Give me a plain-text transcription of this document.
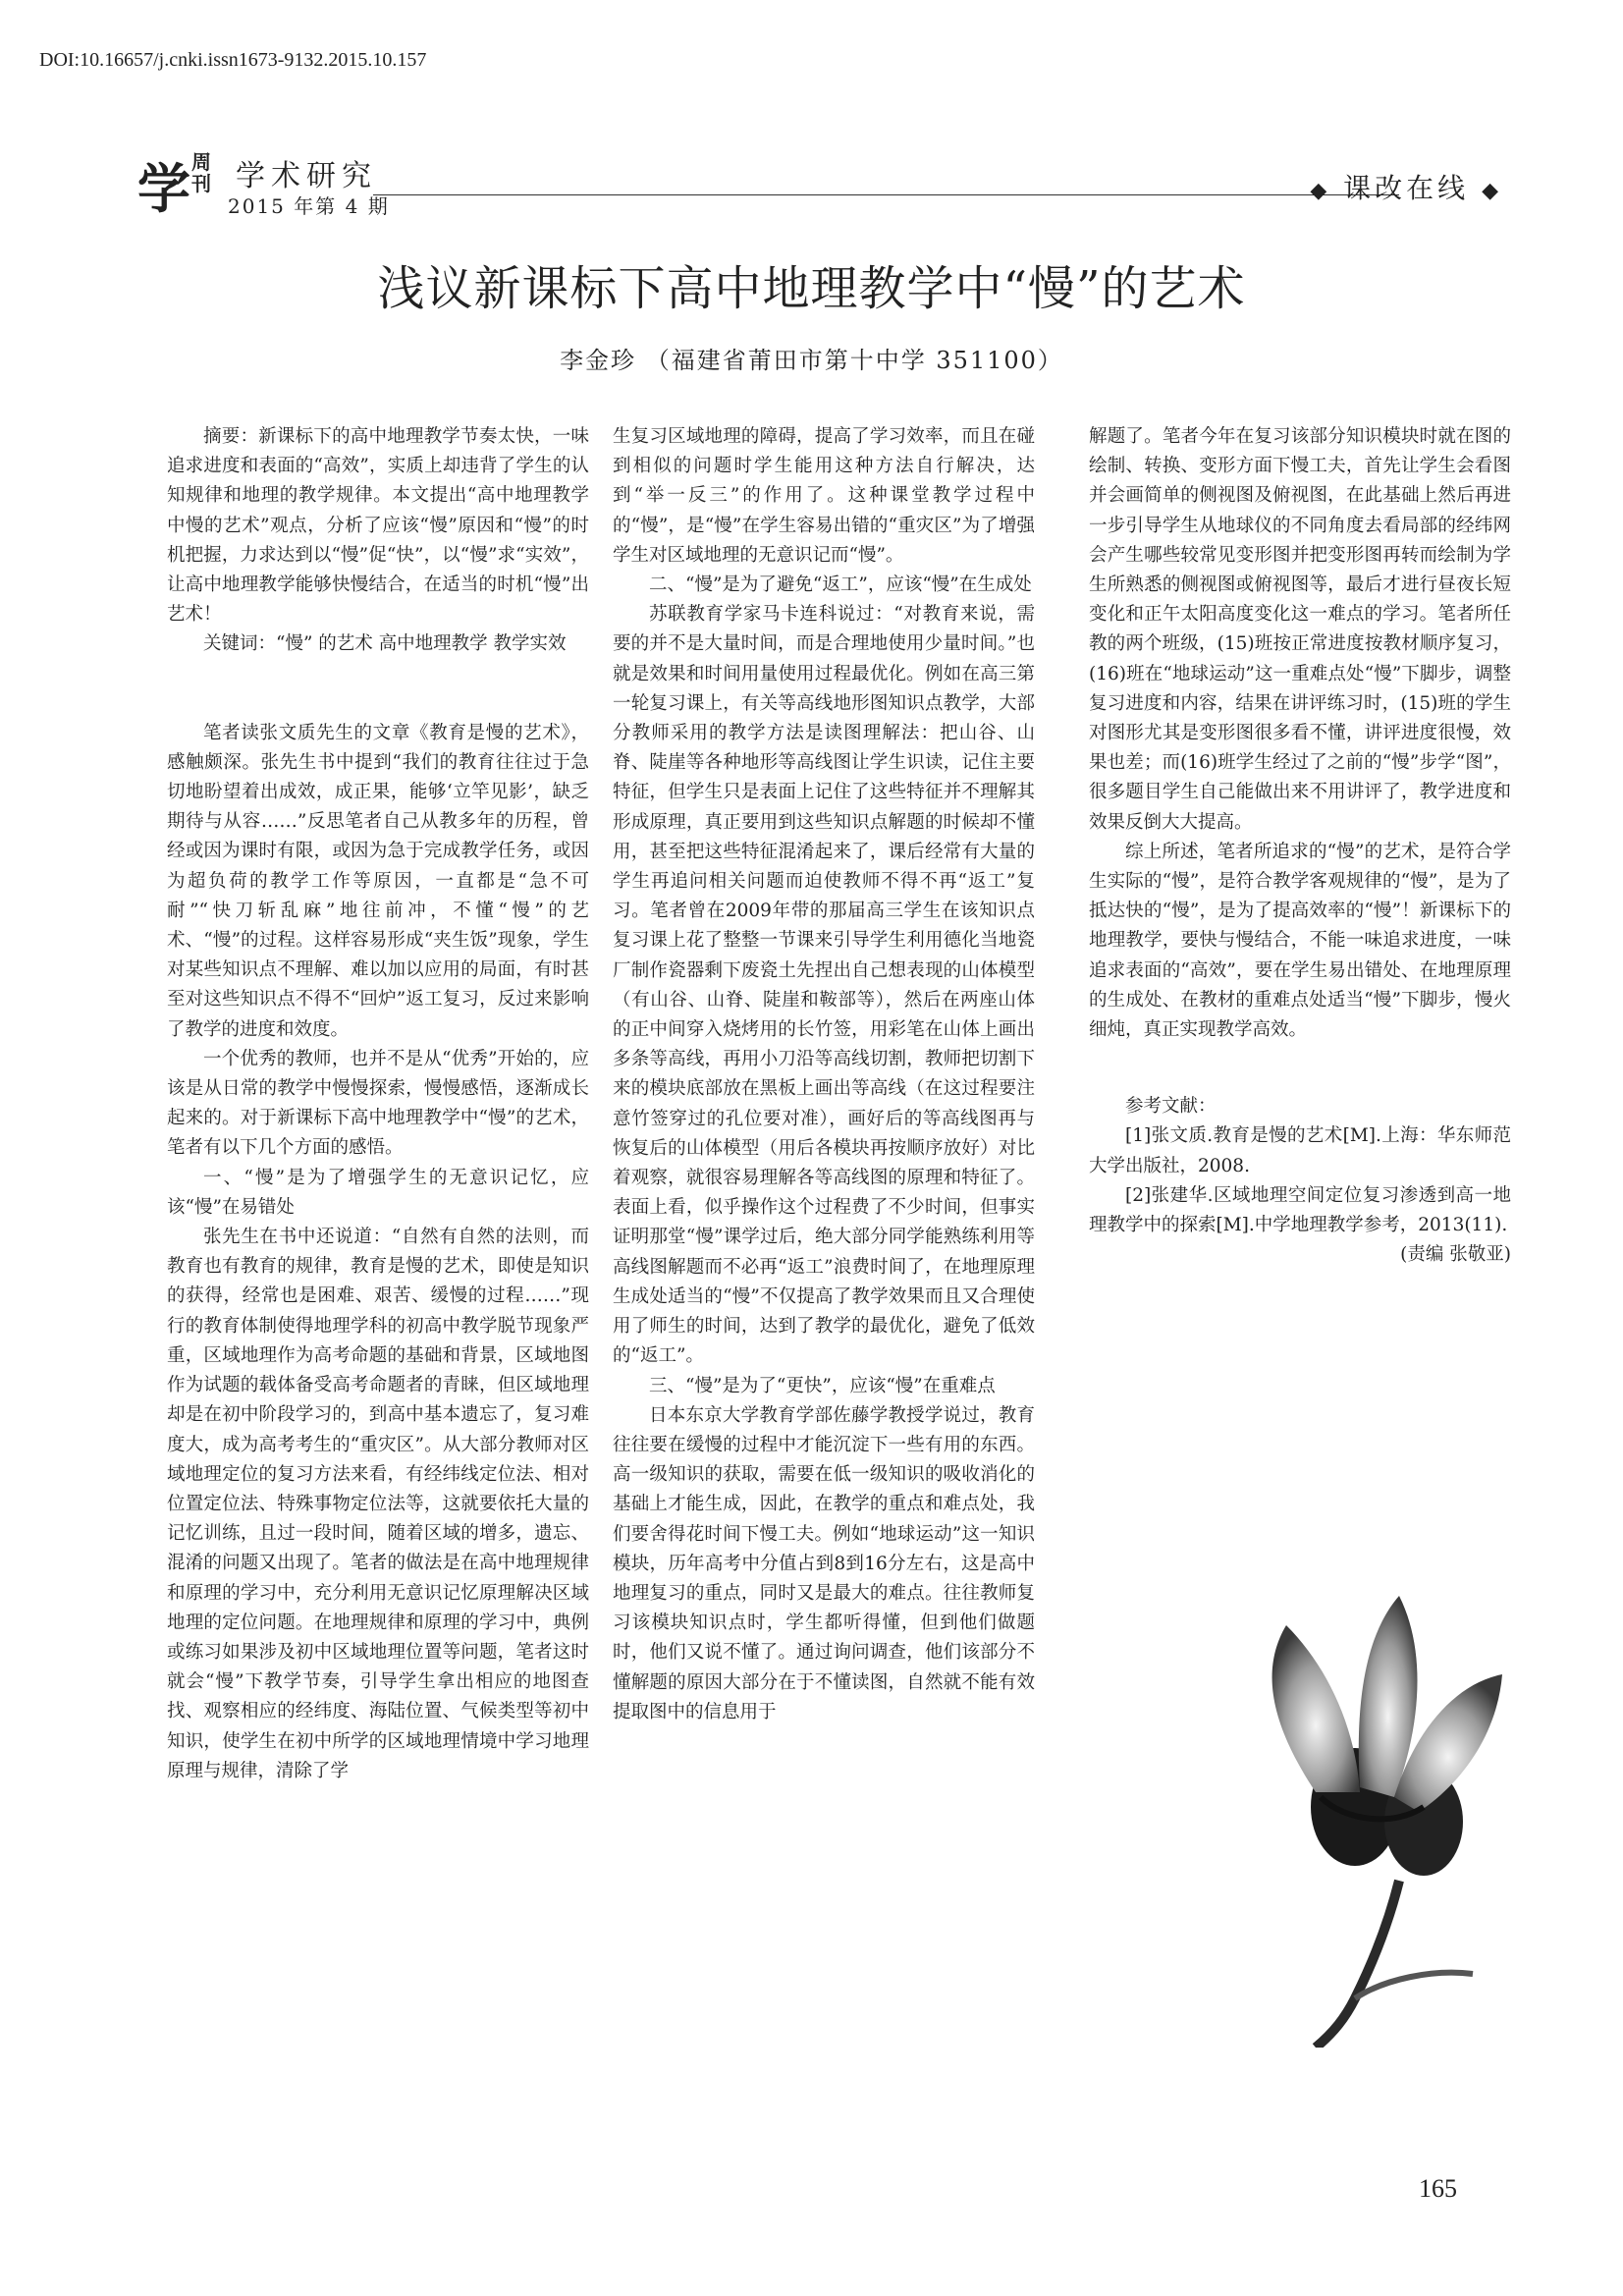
DOI:10.16657/j.cnki.issn1673-9132.2015.10.157
学 周刊 学术研究
2015 年第 4 期
◆ 课改在线 ◆
浅议新课标下高中地理教学中“慢”的艺术
李金珍 （福建省莆田市第十中学 351100）

摘要：新课标下的高中地理教学节奏太快，一味追求进度和表面的“高效”，实质上却违背了学生的认知规律和地理的教学规律。本文提出“高中地理教学中慢的艺术”观点，分析了应该“慢”原因和“慢”的时机把握，力求达到以“慢”促“快”，以“慢”求“实效”，让高中地理教学能够快慢结合，在适当的时机“慢”出艺术！

关键词：“慢” 的艺术 高中地理教学 教学实效

笔者读张文质先生的文章《教育是慢的艺术》，感触颇深。张先生书中提到“我们的教育往往过于急切地盼望着出成效，成正果，能够‘立竿见影’，缺乏期待与从容……”反思笔者自己从教多年的历程，曾经或因为课时有限，或因为急于完成教学任务，或因为超负荷的教学工作等原因，一直都是“急不可耐”“快刀斩乱麻”地往前冲，不懂“慢”的艺术、“慢”的过程。这样容易形成“夹生饭”现象，学生对某些知识点不理解、难以加以应用的局面，有时甚至对这些知识点不得不“回炉”返工复习，反过来影响了教学的进度和效度。

一个优秀的教师，也并不是从“优秀”开始的，应该是从日常的教学中慢慢探索，慢慢感悟，逐渐成长起来的。对于新课标下高中地理教学中“慢”的艺术，笔者有以下几个方面的感悟。

一、“慢”是为了增强学生的无意识记忆，应该“慢”在易错处

张先生在书中还说道：“自然有自然的法则，而教育也有教育的规律，教育是慢的艺术，即使是知识的获得，经常也是困难、艰苦、缓慢的过程……”现行的教育体制使得地理学科的初高中教学脱节现象严重，区域地理作为高考命题的基础和背景，区域地图作为试题的载体备受高考命题者的青睐，但区域地理却是在初中阶段学习的，到高中基本遗忘了，复习难度大，成为高考考生的“重灾区”。从大部分教师对区域地理定位的复习方法来看，有经纬线定位法、相对位置定位法、特殊事物定位法等，这就要依托大量的记忆训练，且过一段时间，随着区域的增多，遗忘、混淆的问题又出现了。笔者的做法是在高中地理规律和原理的学习中，充分利用无意识记忆原理解决区域地理的定位问题。在地理规律和原理的学习中，典例或练习如果涉及初中区域地理位置等问题，笔者这时就会“慢”下教学节奏，引导学生拿出相应的地图查找、观察相应的经纬度、海陆位置、气候类型等初中知识，使学生在初中所学的区域地理情境中学习地理原理与规律，清除了学

生复习区域地理的障碍，提高了学习效率，而且在碰到相似的问题时学生能用这种方法自行解决，达到“举一反三”的作用了。这种课堂教学过程中的“慢”，是“慢”在学生容易出错的“重灾区”为了增强学生对区域地理的无意识记而“慢”。

二、“慢”是为了避免“返工”，应该“慢”在生成处

苏联教育学家马卡连科说过：“对教育来说，需要的并不是大量时间，而是合理地使用少量时间。”也就是效果和时间用量使用过程最优化。例如在高三第一轮复习课上，有关等高线地形图知识点教学，大部分教师采用的教学方法是读图理解法：把山谷、山脊、陡崖等各种地形等高线图让学生识读，记住主要特征，但学生只是表面上记住了这些特征并不理解其形成原理，真正要用到这些知识点解题的时候却不懂用，甚至把这些特征混淆起来了，课后经常有大量的学生再追问相关问题而迫使教师不得不再“返工”复习。笔者曾在2009年带的那届高三学生在该知识点复习课上花了整整一节课来引导学生利用德化当地瓷厂制作瓷器剩下废瓷土先捏出自己想表现的山体模型（有山谷、山脊、陡崖和鞍部等），然后在两座山体的正中间穿入烧烤用的长竹签，用彩笔在山体上画出多条等高线，再用小刀沿等高线切割，教师把切割下来的模块底部放在黑板上画出等高线（在这过程要注意竹签穿过的孔位要对准），画好后的等高线图再与恢复后的山体模型（用后各模块再按顺序放好）对比着观察，就很容易理解各等高线图的原理和特征了。表面上看，似乎操作这个过程费了不少时间，但事实证明那堂“慢”课学过后，绝大部分同学能熟练利用等高线图解题而不必再“返工”浪费时间了，在地理原理生成处适当的“慢”不仅提高了教学效果而且又合理使用了师生的时间，达到了教学的最优化，避免了低效的“返工”。

三、“慢”是为了“更快”，应该“慢”在重难点

日本东京大学教育学部佐藤学教授学说过，教育往往要在缓慢的过程中才能沉淀下一些有用的东西。高一级知识的获取，需要在低一级知识的吸收消化的基础上才能生成，因此，在教学的重点和难点处，我们要舍得花时间下慢工夫。例如“地球运动”这一知识模块，历年高考中分值占到8到16分左右，这是高中地理复习的重点，同时又是最大的难点。往往教师复习该模块知识点时，学生都听得懂，但到他们做题时，他们又说不懂了。通过询问调查，他们该部分不懂解题的原因大部分在于不懂读图，自然就不能有效提取图中的信息用于

解题了。笔者今年在复习该部分知识模块时就在图的绘制、转换、变形方面下慢工夫，首先让学生会看图并会画简单的侧视图及俯视图，在此基础上然后再进一步引导学生从地球仪的不同角度去看局部的经纬网会产生哪些较常见变形图并把变形图再转而绘制为学生所熟悉的侧视图或俯视图等，最后才进行昼夜长短变化和正午太阳高度变化这一难点的学习。笔者所任教的两个班级，(15)班按正常进度按教材顺序复习，(16)班在“地球运动”这一重难点处“慢”下脚步，调整复习进度和内容，结果在讲评练习时，(15)班的学生对图形尤其是变形图很多看不懂，讲评进度很慢，效果也差；而(16)班学生经过了之前的“慢”步学“图”，很多题目学生自己能做出来不用讲评了，教学进度和效果反倒大大提高。

综上所述，笔者所追求的“慢”的艺术，是符合学生实际的“慢”，是符合教学客观规律的“慢”，是为了抵达快的“慢”，是为了提高效率的“慢”！新课标下的地理教学，要快与慢结合，不能一味追求进度，一味追求表面的“高效”，要在学生易出错处、在地理原理的生成处、在教材的重难点处适当“慢”下脚步，慢火细炖，真正实现教学高效。

参考文献：

[1]张文质.教育是慢的艺术[M].上海：华东师范大学出版社，2008.

[2]张建华.区域地理空间定位复习渗透到高一地理教学中的探索[M].中学地理教学参考，2013(11).

(责编 张敬亚)

165
